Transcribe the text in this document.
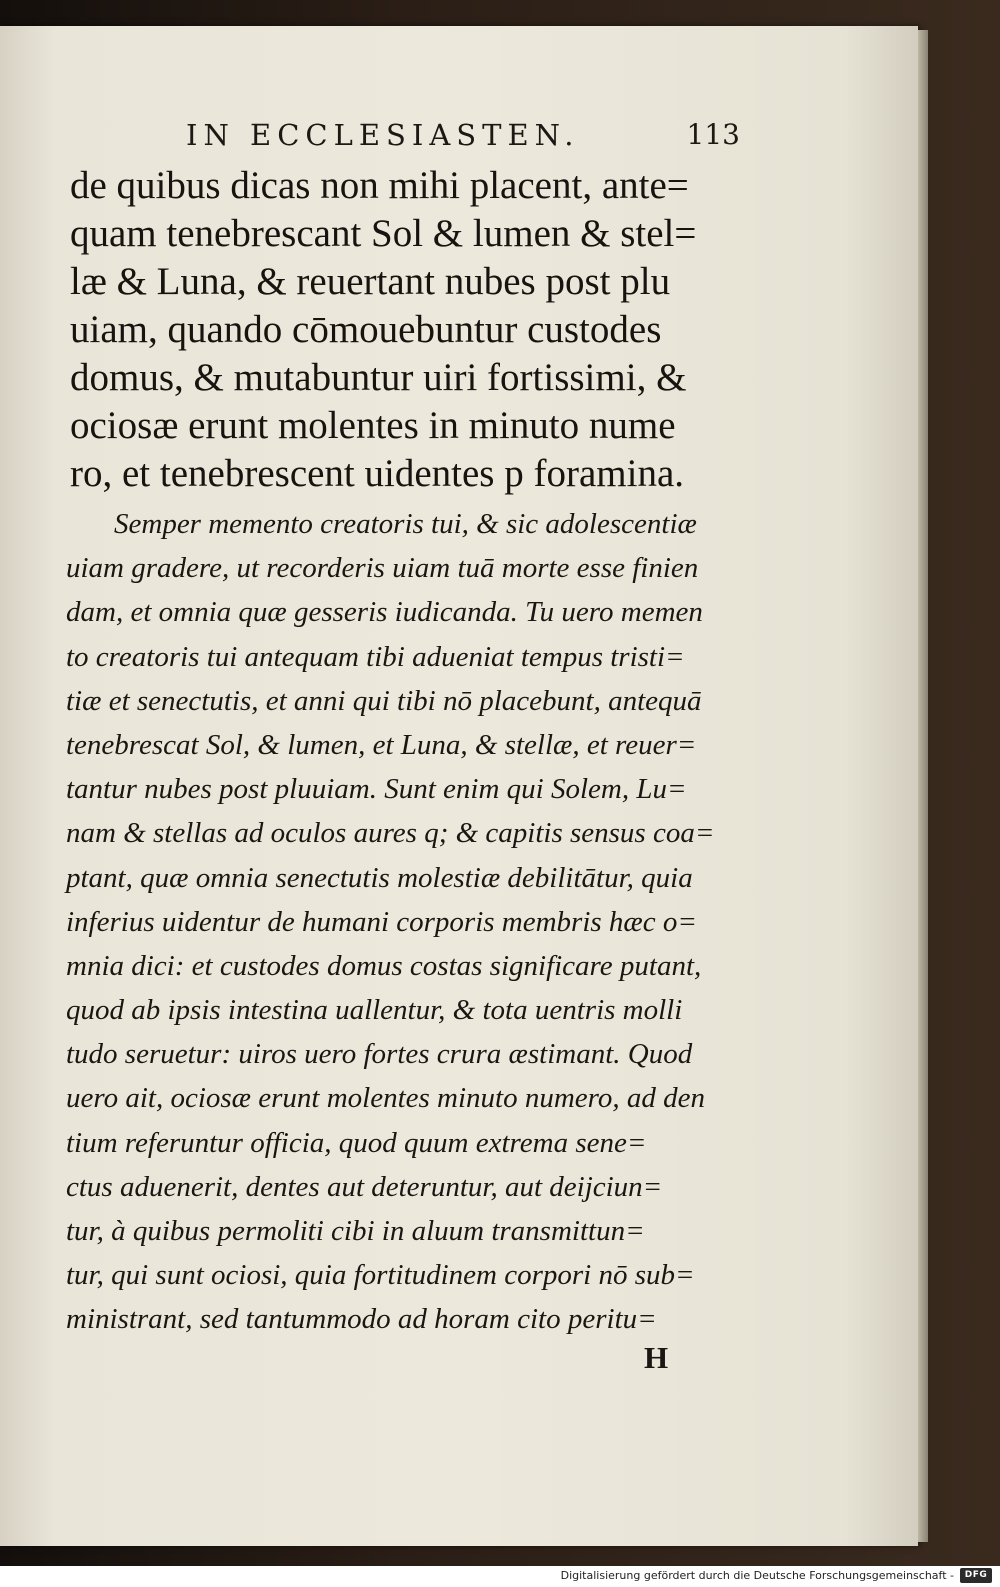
IN ECCLESIASTEN.	113
de quibus dicas non mihi placent, ante=
quam tenebrescant Sol & lumen & stel=
læ & Luna, & reuertant nubes post plu
uiam, quando cōmouebuntur custodes
domus, & mutabuntur uiri fortissimi, &
ociosæ erunt molentes in minuto nume
ro, et tenebrescent uidentes p foramina.
Semper memento creatoris tui, & sic adolescentiæ
uiam gradere, ut recorderis uiam tuā morte esse finien
dam, et omnia quæ gesseris iudicanda. Tu uero memen
to creatoris tui antequam tibi adueniat tempus tristi=
tiæ et senectutis, et anni qui tibi nō placebunt, antequā
tenebrescat Sol, & lumen, et Luna, & stellæ, et reuer=
tantur nubes post pluuiam. Sunt enim qui Solem, Lu=
nam & stellas ad oculos aures q; & capitis sensus coa=
ptant, quæ omnia senectutis molestiæ debilitātur, quia
inferius uidentur de humani corporis membris hæc o=
mnia dici: et custodes domus costas significare putant,
quod ab ipsis intestina uallentur, & tota uentris molli
tudo seruetur: uiros uero fortes crura æstimant. Quod
uero ait, ociosæ erunt molentes minuto numero, ad den
tium referuntur officia, quod quum extrema sene=
ctus aduenerit, dentes aut deteruntur, aut deijciun=
tur, à quibus permoliti cibi in aluum transmittun=
tur, qui sunt ociosi, quia fortitudinem corpori nō sub=
ministrant, sed tantummodo ad horam cito peritu=
H
Digitalisierung gefördert durch die Deutsche Forschungsgemeinschaft -	DFG
